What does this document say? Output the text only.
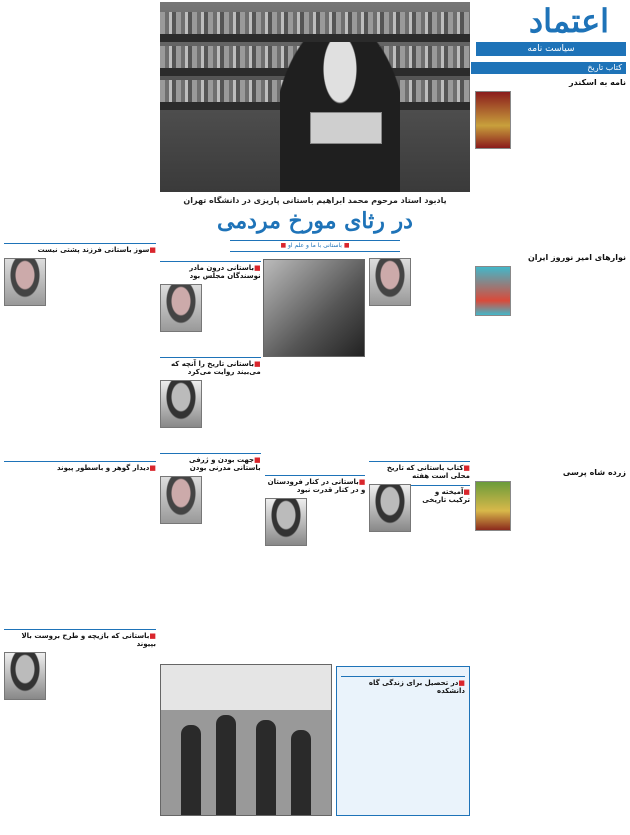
اعتماد
سیاست نامه
کتاب تاریخ
نامه به اسکندر
نوارهای امیر نوروز ایران
زرده شاه پرسی
یادبود استاد مرحوم محمد ابراهیم باستانی پاریزی در دانشگاه تهران
در رثای مورخ مردمی
■ باستانی با ما و علم او ■
■ سوز باستانی فرزند پشتی نیست
■ دیدار گوهر و باسطور پیوند
■ باستانی که بازیچه و طرح بروست بالا بپیوند
■ باستانی درون مادر نوسندگان مجلس بود
■ باستانی تاریخ را آنچه که می‌بیند روایت می‌کرد
■ جهت بودن و ژرفی باستانی مدرنی بودن
■ باستانی در کنار فرودستان و در کنار قدرت نبود
■ کتاب باستانی که تاریخ محلی است هفته
■ آمیخته و ترکیب تاریخی
■ در تحصیل برای زندگی گاه دانشکده
